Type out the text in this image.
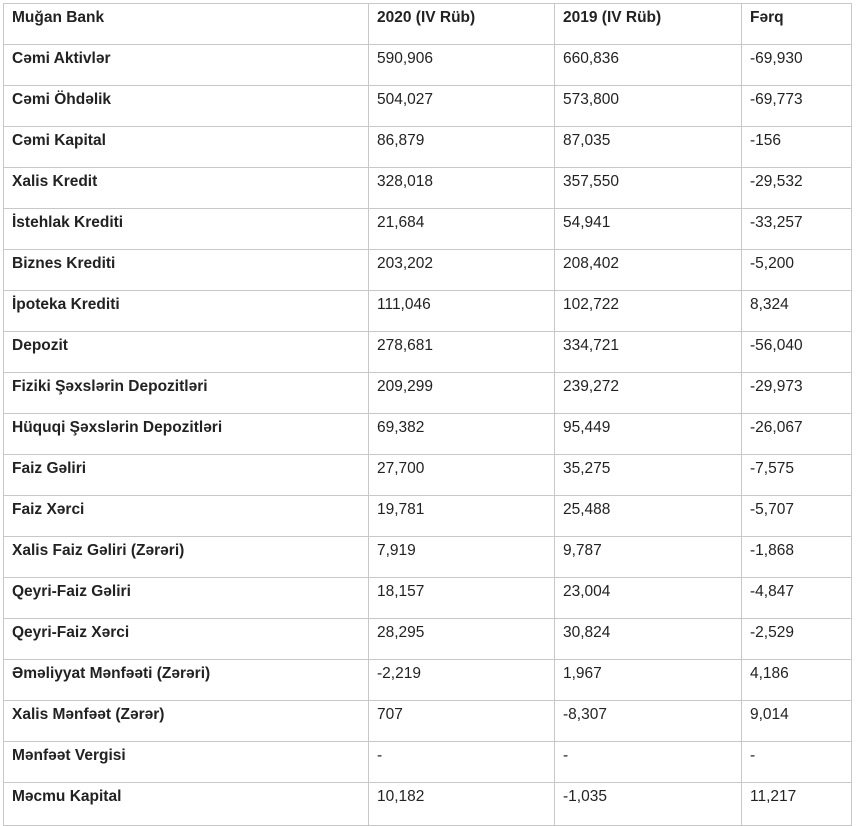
Muğan Bank	2020 (IV Rüb)	2019 (IV Rüb)	Fərq
Cəmi Aktivlər	590,906	660,836	-69,930
Cəmi Öhdəlik	504,027	573,800	-69,773
Cəmi Kapital	86,879	87,035	-156
Xalis Kredit	328,018	357,550	-29,532
İstehlak Krediti	21,684	54,941	-33,257
Biznes Krediti	203,202	208,402	-5,200
İpoteka Krediti	111,046	102,722	8,324
Depozit	278,681	334,721	-56,040
Fiziki Şəxslərin Depozitləri	209,299	239,272	-29,973
Hüquqi Şəxslərin Depozitləri	69,382	95,449	-26,067
Faiz Gəliri	27,700	35,275	-7,575
Faiz Xərci	19,781	25,488	-5,707
Xalis Faiz Gəliri (Zərəri)	7,919	9,787	-1,868
Qeyri-Faiz Gəliri	18,157	23,004	-4,847
Qeyri-Faiz Xərci	28,295	30,824	-2,529
Əməliyyat Mənfəəti (Zərəri)	-2,219	1,967	4,186
Xalis Mənfəət (Zərər)	707	-8,307	9,014
Mənfəət Vergisi	-	-	-
Məcmu Kapital	10,182	-1,035	11,217
